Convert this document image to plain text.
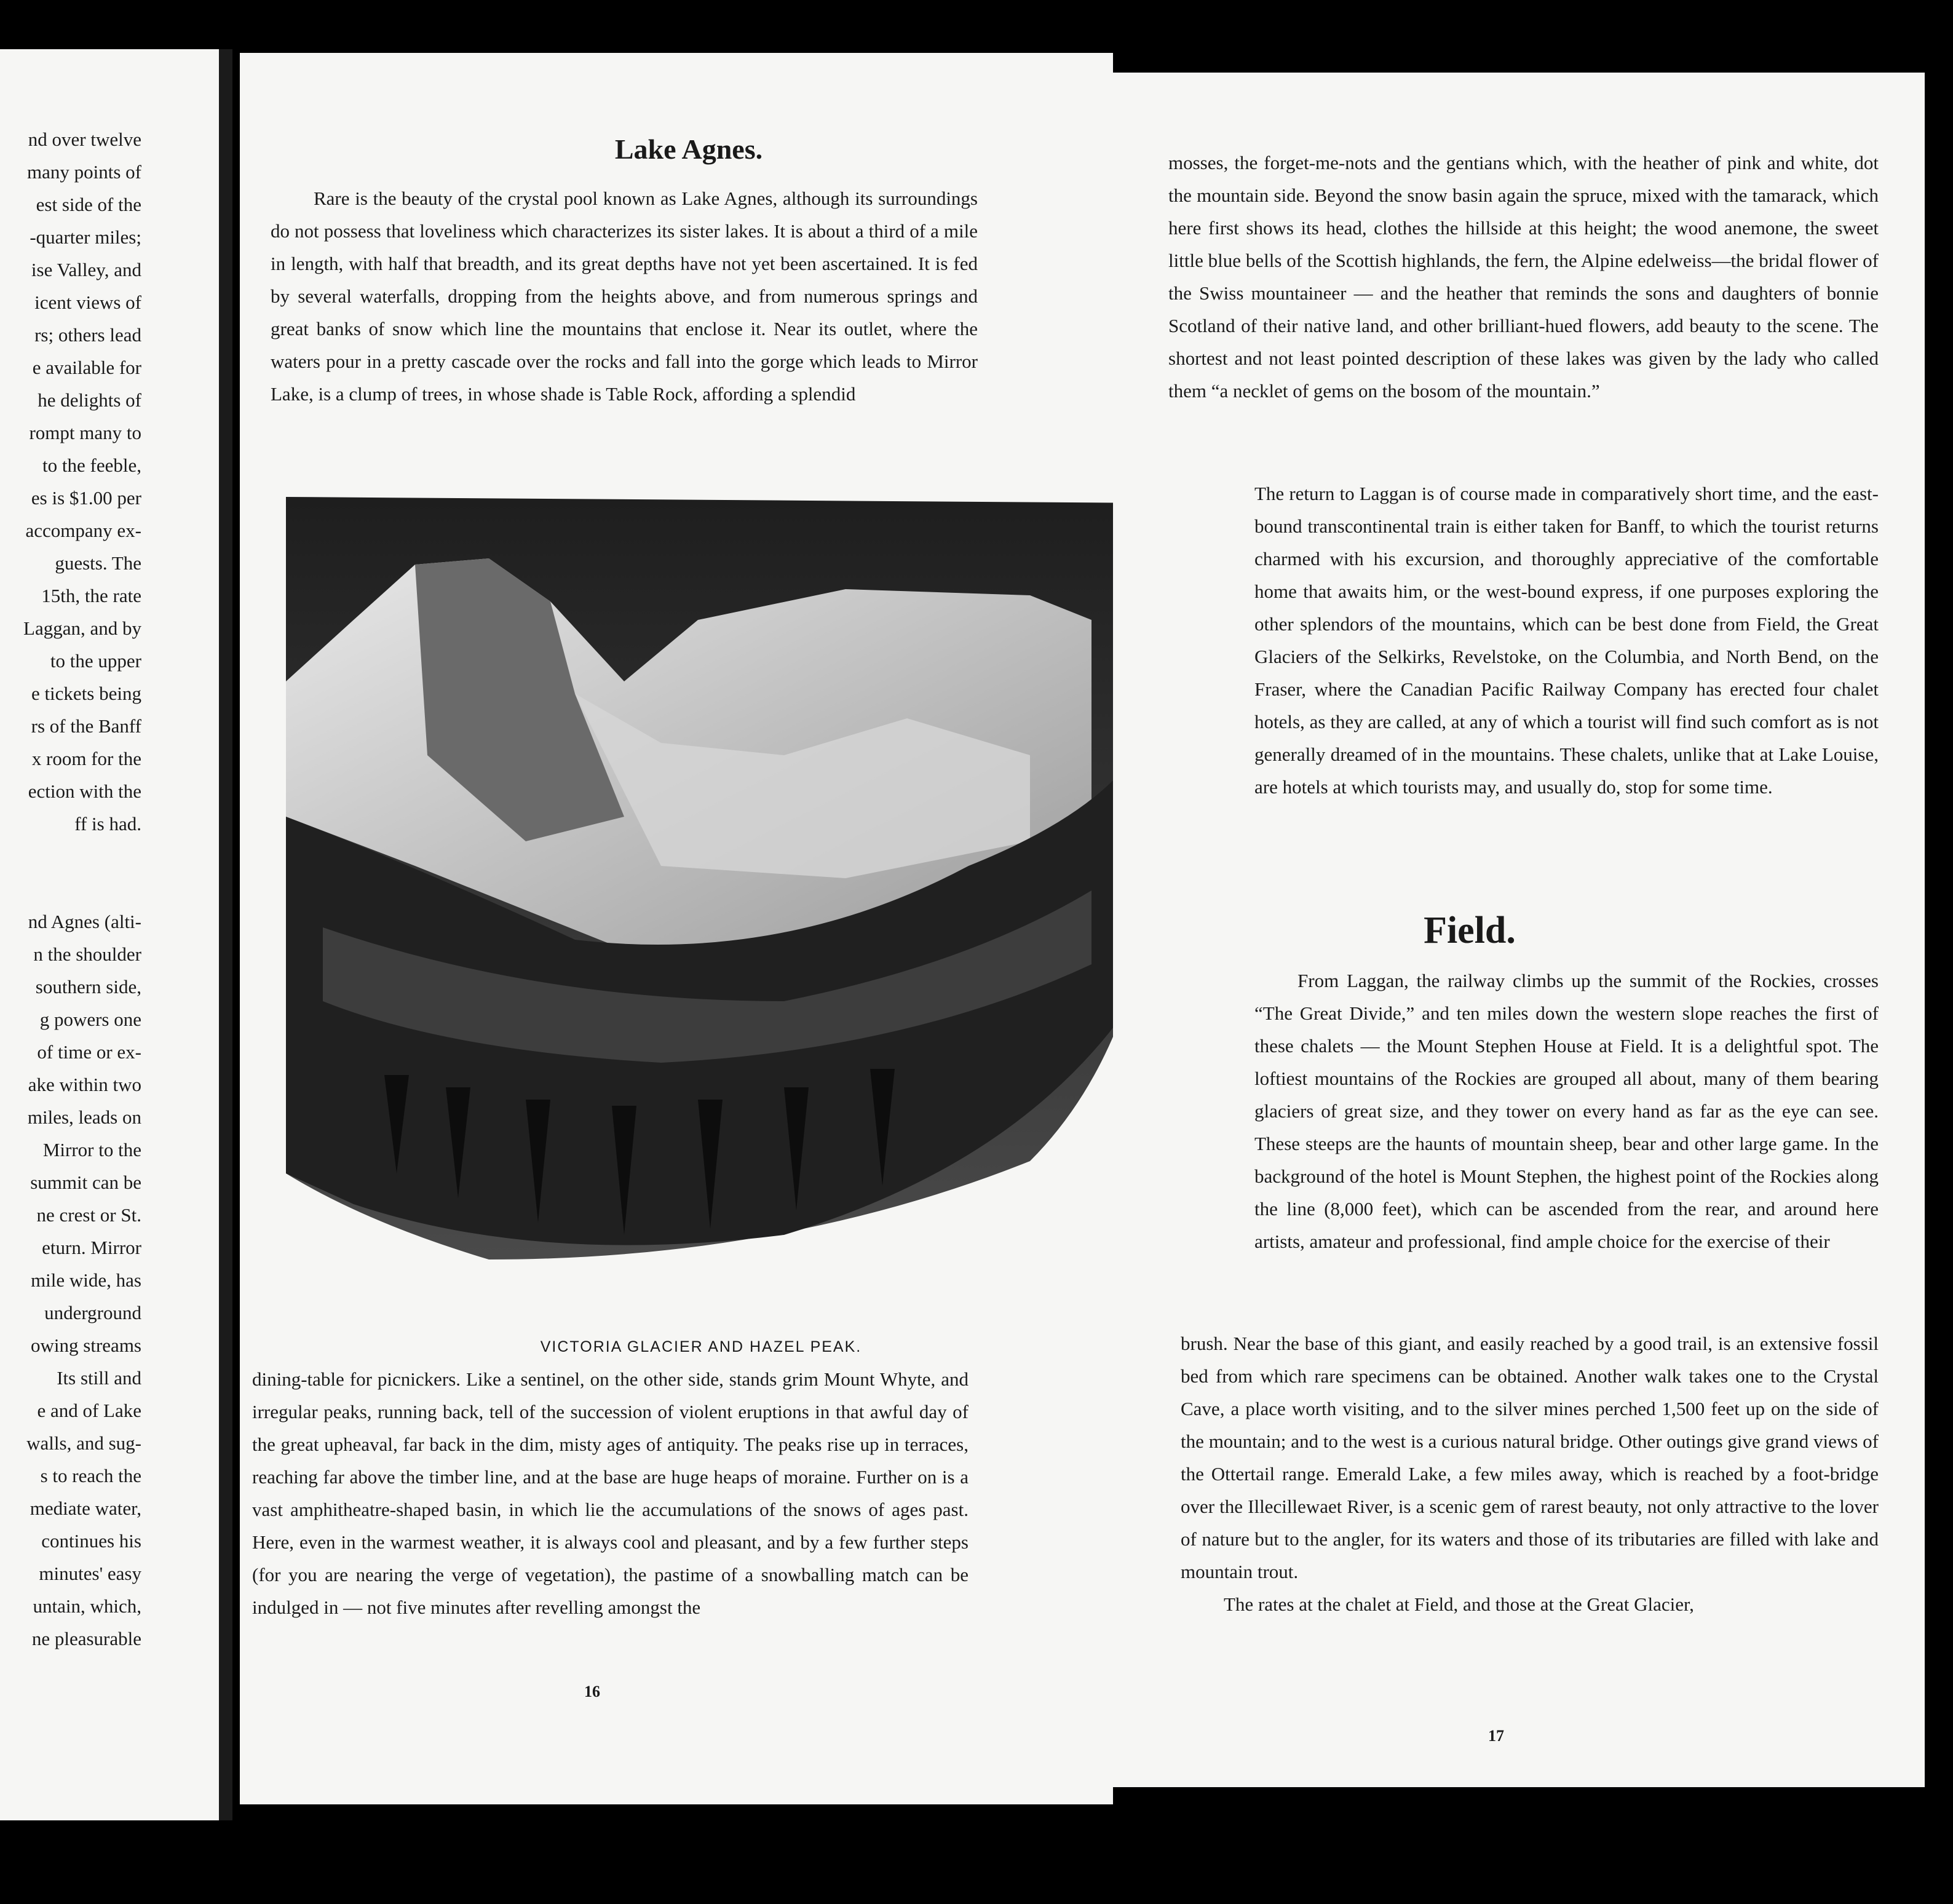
nd over twelve

many points of

est side of the

-quarter miles;

ise Valley, and

icent views of

rs; others lead

e available for

he delights of

rompt many to

to the feeble,

es is $1.00 per

accompany ex-

guests. The

15th, the rate

Laggan, and by

to the upper

e tickets being

rs of the Banff

x room for the

ection with the

ff is had.

nd Agnes (alti-

n the shoulder

southern side,

g powers one

of time or ex-

ake within two

miles, leads on

Mirror to the

summit can be

ne crest or St.

eturn. Mirror

mile wide, has

underground

owing streams

Its still and

e and of Lake

walls, and sug-

s to reach the

mediate water,

continues his

minutes' easy

untain, which,

ne pleasurable

Lake Agnes.

Rare is the beauty of the crystal pool known as Lake Agnes, although its surroundings do not possess that loveliness which characterizes its sister lakes. It is about a third of a mile in length, with half that breadth, and its great depths have not yet been ascertained. It is fed by several waterfalls, dropping from the heights above, and from numerous springs and great banks of snow which line the mountains that enclose it. Near its outlet, where the waters pour in a pretty cascade over the rocks and fall into the gorge which leads to Mirror Lake, is a clump of trees, in whose shade is Table Rock, affording a splendid

VICTORIA GLACIER AND HAZEL PEAK.

dining-table for picnickers. Like a sentinel, on the other side, stands grim Mount Whyte, and irregular peaks, running back, tell of the succession of violent eruptions in that awful day of the great upheaval, far back in the dim, misty ages of antiquity. The peaks rise up in terraces, reaching far above the timber line, and at the base are huge heaps of moraine. Further on is a vast amphitheatre-shaped basin, in which lie the accumulations of the snows of ages past. Here, even in the warmest weather, it is always cool and pleasant, and by a few further steps (for you are nearing the verge of vegetation), the pastime of a snowballing match can be indulged in — not five minutes after revelling amongst the

16

mosses, the forget-me-nots and the gentians which, with the heather of pink and white, dot the mountain side. Beyond the snow basin again the spruce, mixed with the tamarack, which here first shows its head, clothes the hillside at this height; the wood anemone, the sweet little blue bells of the Scottish highlands, the fern, the Alpine edelweiss—the bridal flower of the Swiss mountaineer — and the heather that reminds the sons and daughters of bonnie Scotland of their native land, and other brilliant-hued flowers, add beauty to the scene. The shortest and not least pointed description of these lakes was given by the lady who called them “a necklet of gems on the bosom of the mountain.”

The return to Laggan is of course made in comparatively short time, and the east-bound transcontinental train is either taken for Banff, to which the tourist returns charmed with his excursion, and thoroughly appreciative of the comfortable home that awaits him, or the west-bound express, if one purposes exploring the other splendors of the mountains, which can be best done from Field, the Great Glaciers of the Selkirks, Revelstoke, on the Columbia, and North Bend, on the Fraser, where the Canadian Pacific Railway Company has erected four chalet hotels, as they are called, at any of which a tourist will find such comfort as is not generally dreamed of in the mountains. These chalets, unlike that at Lake Louise, are hotels at which tourists may, and usually do, stop for some time.

Field.

From Laggan, the railway climbs up the summit of the Rockies, crosses “The Great Divide,” and ten miles down the western slope reaches the first of these chalets — the Mount Stephen House at Field. It is a delightful spot. The loftiest mountains of the Rockies are grouped all about, many of them bearing glaciers of great size, and they tower on every hand as far as the eye can see. These steeps are the haunts of mountain sheep, bear and other large game. In the background of the hotel is Mount Stephen, the highest point of the Rockies along the line (8,000 feet), which can be ascended from the rear, and around here artists, amateur and professional, find ample choice for the exercise of their

brush. Near the base of this giant, and easily reached by a good trail, is an extensive fossil bed from which rare specimens can be obtained. Another walk takes one to the Crystal Cave, a place worth visiting, and to the silver mines perched 1,500 feet up on the side of the mountain; and to the west is a curious natural bridge. Other outings give grand views of the Ottertail range. Emerald Lake, a few miles away, which is reached by a foot-bridge over the Illecillewaet River, is a scenic gem of rarest beauty, not only attractive to the lover of nature but to the angler, for its waters and those of its tributaries are filled with lake and mountain trout.

The rates at the chalet at Field, and those at the Great Glacier,

17
